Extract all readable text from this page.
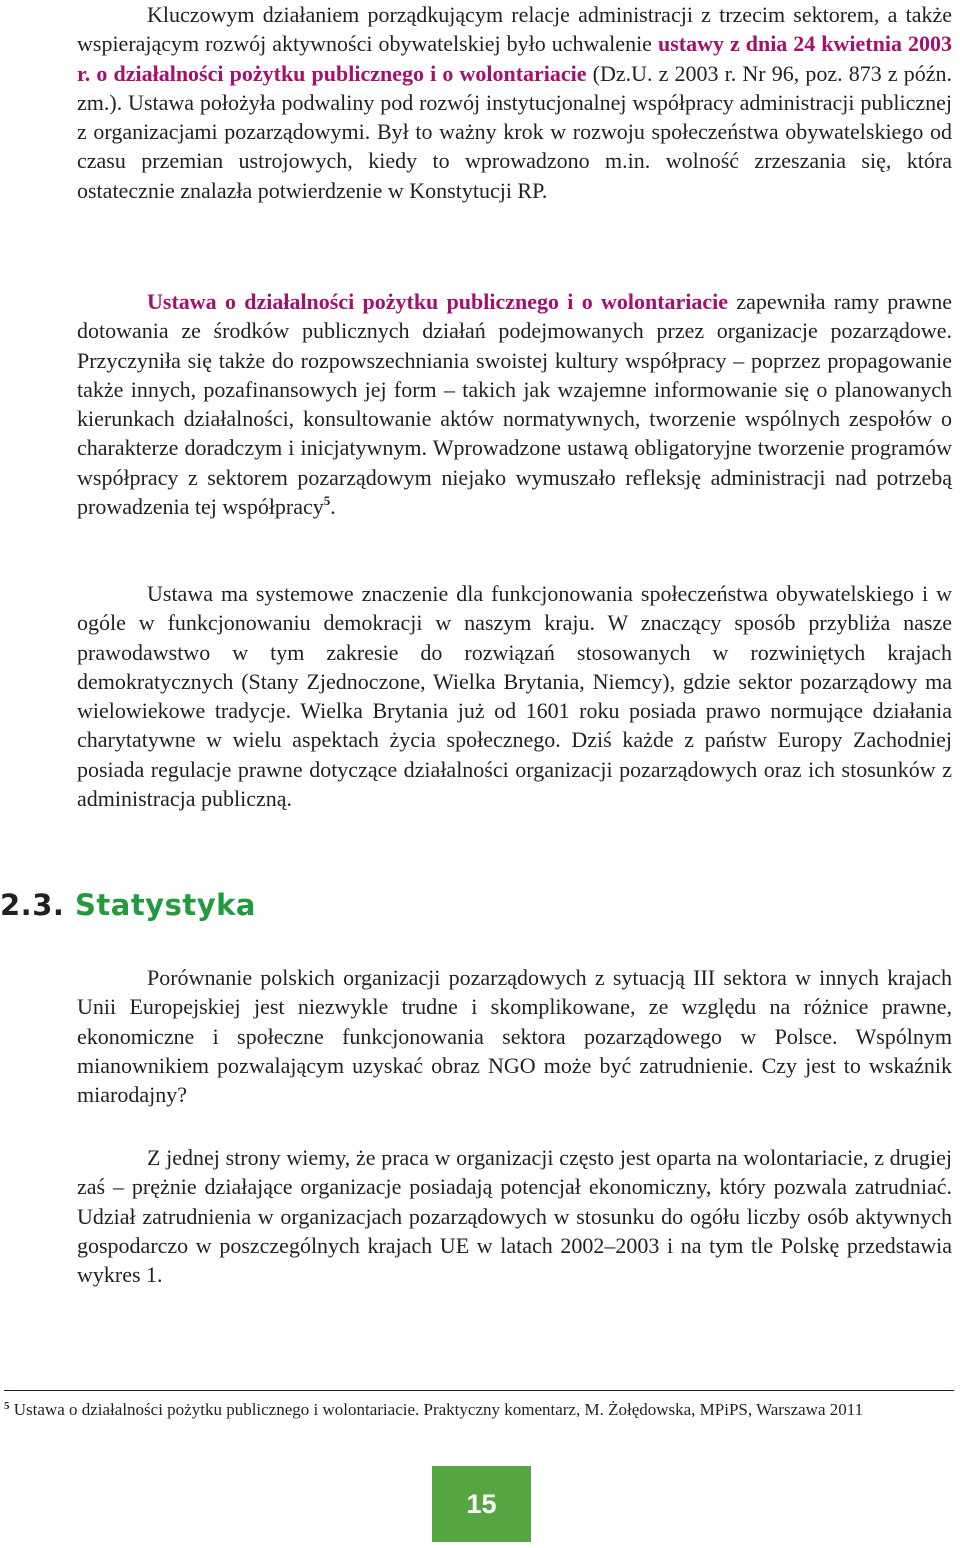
Kluczowym działaniem porządkującym relacje administracji z trzecim sektorem, a także wspierającym rozwój aktywności obywatelskiej było uchwalenie ustawy z dnia 24 kwietnia 2003 r. o działalności pożytku publicznego i o wolontariacie (Dz.U. z 2003 r. Nr 96, poz. 873 z późn. zm.). Ustawa położyła podwaliny pod rozwój instytucjonalnej współpracy administracji publicznej z organizacjami pozarządowymi. Był to ważny krok w rozwoju społeczeństwa obywatelskiego od czasu przemian ustrojowych, kiedy to wprowadzono m.in. wolność zrzeszania się, która ostatecznie znalazła potwierdzenie w Konstytucji RP.
Ustawa o działalności pożytku publicznego i o wolontariacie zapewniła ramy prawne dotowania ze środków publicznych działań podejmowanych przez organizacje pozarządowe. Przyczyniła się także do rozpowszechniania swoistej kultury współpracy – poprzez propagowanie także innych, pozafinansowych jej form – takich jak wzajemne informowanie się o planowanych kierunkach działalności, konsultowanie aktów normatywnych, tworzenie wspólnych zespołów o charakterze doradczym i inicjatywnym. Wprowadzone ustawą obligatoryjne tworzenie programów współpracy z sektorem pozarządowym niejako wymuszało refleksję administracji nad potrzebą prowadzenia tej współpracy$^5$.
Ustawa ma systemowe znaczenie dla funkcjonowania społeczeństwa obywatelskiego i w ogóle w funkcjonowaniu demokracji w naszym kraju. W znaczący sposób przybliża nasze prawodawstwo w tym zakresie do rozwiązań stosowanych w rozwiniętych krajach demokratycznych (Stany Zjednoczone, Wielka Brytania, Niemcy), gdzie sektor pozarządowy ma wielowiekowe tradycje. Wielka Brytania już od 1601 roku posiada prawo normujące działania charytatywne w wielu aspektach życia społecznego. Dziś każde z państw Europy Zachodniej posiada regulacje prawne dotyczące działalności organizacji pozarządowych oraz ich stosunków z administracja publiczną.
2.3. Statystyka
Porównanie polskich organizacji pozarządowych z sytuacją III sektora w innych krajach Unii Europejskiej jest niezwykle trudne i skomplikowane, ze względu na różnice prawne, ekonomiczne i społeczne funkcjonowania sektora pozarządowego w Polsce. Wspólnym mianownikiem pozwalającym uzyskać obraz NGO może być zatrudnienie. Czy jest to wskaźnik miarodajny?
Z jednej strony wiemy, że praca w organizacji często jest oparta na wolontariacie, z drugiej zaś – prężnie działające organizacje posiadają potencjał ekonomiczny, który pozwala zatrudniać. Udział zatrudnienia w organizacjach pozarządowych w stosunku do ogółu liczby osób aktywnych gospodarczo w poszczególnych krajach UE w latach 2002–2003 i na tym tle Polskę przedstawia wykres 1.
$^5$ Ustawa o działalności pożytku publicznego i wolontariacie. Praktyczny komentarz, M. Żołędowska, MPiPS, Warszawa 2011
15
